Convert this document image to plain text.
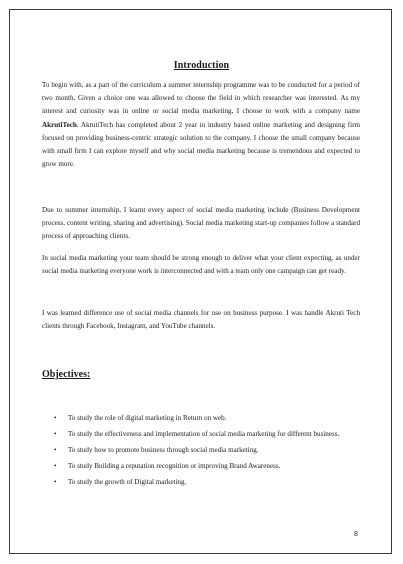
Introduction

To begin with, as a part of the curriculum a summer internship programme was to be conducted for a period of two month. Given a choice one was allowed to choose the field in which researcher was interested. As my interest and curiosity was in online or social media marketing, I choose to work with a company name AkrutiTech. AkrutiTech has completed about 2 year in industry based online marketing and designing firm focused on providing business-centric strategic solution to the company. I choose the small company because with small firm I can explore myself and why social media marketing because is tremendous and expected to grow more.

Due to summer internship, I learnt every aspect of social media marketing include (Business Development process, content writing, sharing and advertising). Social media marketing start-up companies follow a standard process of approaching clients.

In social media marketing your team should be strong enough to deliver what your client expecting, as under social media marketing everyone work is interconnected and with a team only one campaign can get ready.

I was learned difference use of social media channels for use on business purpose. I was handle Akruti Tech clients through Facebook, Instagram, and YouTube channels.

Objectives:
• To study the role of digital marketing in Return on web.
• To study the effectiveness and implementation of social media marketing for different business.
• To study how to promote business through social media marketing.
• To study Building a reputation recognition or improving Brand Awareness.
• To study the growth of Digital marketing.
8
